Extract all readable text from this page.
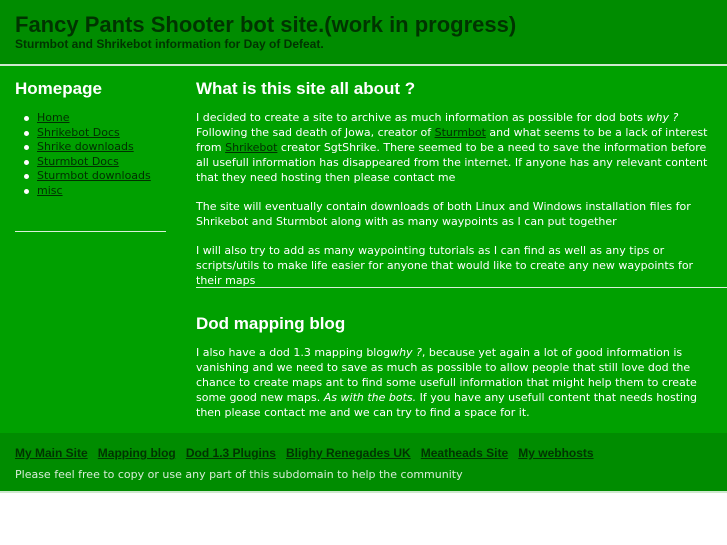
Fancy Pants Shooter bot site.(work in progress)

Sturmbot and Shrikebot information for Day of Defeat.

Homepage
Home
Shrikebot Docs
Shrike downloads
Sturmbot Docs
Sturmbot downloads
misc
What is this site all about ?

I decided to create a site to archive as much information as possible for dod bots why ? Following the sad death of Jowa, creator of Sturmbot and what seems to be a lack of interest from Shrikebot creator SgtShrike. There seemed to be a need to save the information before all usefull information has disappeared from the internet. If anyone has any relevant content that they need hosting then please contact me

The site will eventually contain downloads of both Linux and Windows installation files for Shrikebot and Sturmbot along with as many waypoints as I can put together

I will also try to add as many waypointing tutorials as I can find as well as any tips or scripts/utils to make life easier for anyone that would like to create any new waypoints for their maps

Dod mapping blog

I also have a dod 1.3 mapping blogwhy ?, because yet again a lot of good information is vanishing and we need to save as much as possible to allow people that still love dod the chance to create maps ant to find some usefull information that might help them to create some good new maps. As with the bots. If you have any usefull content that needs hosting then please contact me and we can try to find a space for it.

My Main Site Mapping blog Dod 1.3 Plugins Blighy Renegades UK Meatheads Site My webhosts

Please feel free to copy or use any part of this subdomain to help the community
